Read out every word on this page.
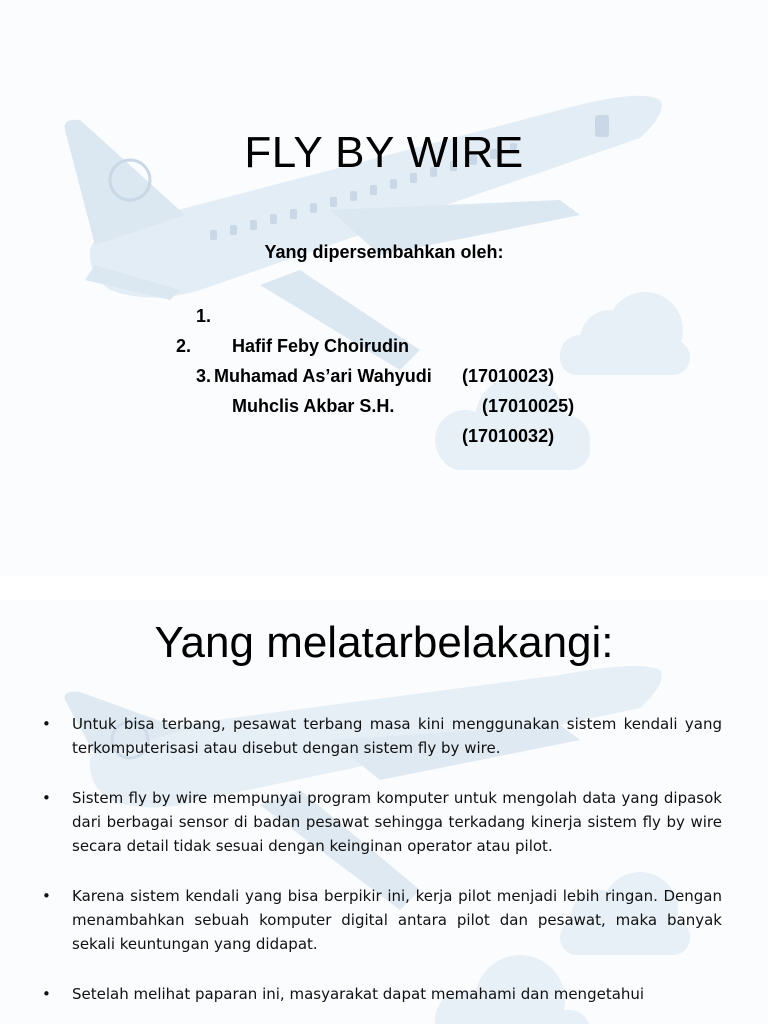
FLY BY WIRE
Yang dipersembahkan oleh:

1.

Hafif Feby Choirudin

(17010023)

2.

Muhamad As’ari Wahyudi

(17010025)

3.

Muhclis Akbar S.H.

(17010032)

Yang melatarbelakangi:
• Untuk bisa terbang, pesawat terbang masa kini menggunakan sistem kendali yang terkomputerisasi atau disebut dengan sistem fly by wire.
• Sistem fly by wire mempunyai program komputer untuk mengolah data yang dipasok dari berbagai sensor di badan pesawat sehingga terkadang kinerja sistem fly by wire secara detail tidak sesuai dengan keinginan operator atau pilot.
• Karena sistem kendali yang bisa berpikir ini, kerja pilot menjadi lebih ringan. Dengan menambahkan sebuah komputer digital antara pilot dan pesawat, maka banyak sekali keuntungan yang didapat.
• Setelah melihat paparan ini, masyarakat dapat memahami dan mengetahui
